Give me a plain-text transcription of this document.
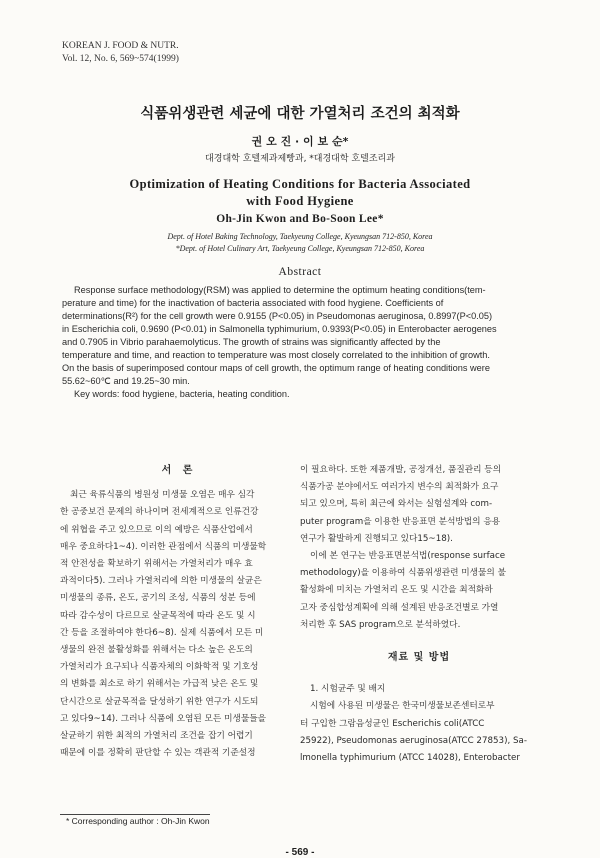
KOREAN J. FOOD & NUTR.
Vol. 12, No. 6, 569~574(1999)
식품위생관련 세균에 대한 가열처리 조건의 최적화
권 오 진 · 이 보 순*
대경대학 호텔제과제빵과, *대경대학 호텔조리과
Optimization of Heating Conditions for Bacteria Associated
with Food Hygiene
Oh-Jin Kwon and Bo-Soon Lee*
Dept. of Hotel Baking Technology, Taekyeung College, Kyeungsan 712-850, Korea
*Dept. of Hotel Culinary Art, Taekyeung College, Kyeungsan 712-850, Korea
Abstract
Response surface methodology(RSM) was applied to determine the optimum heating conditions(tem-
perature and time) for the inactivation of bacteria associated with food hygiene. Coefficients of
determinations(R²) for the cell growth were 0.9155 (P<0.05) in Pseudomonas aeruginosa, 0.8997(P<0.05)
in Escherichia coli, 0.9690 (P<0.01) in Salmonella typhimurium, 0.9393(P<0.05) in Enterobacter aerogenes
and 0.7905 in Vibrio parahaemolyticus. The growth of strains was significantly affected by the
temperature and time, and reaction to temperature was most closely correlated to the inhibition of growth.
On the basis of superimposed contour maps of cell growth, the optimum range of heating conditions were
55.62~60℃ and 19.25~30 min.
Key words: food hygiene, bacteria, heating condition.
서 론
최근 육류식품의 병원성 미생물 오염은 매우 심각
한 공중보건 문제의 하나이며 전세계적으로 인류건강
에 위협을 주고 있으므로 이의 예방은 식품산업에서
매우 중요하다1~4). 이러한 관점에서 식품의 미생물학
적 안전성을 확보하기 위해서는 가열처리가 매우 효
과적이다5). 그러나 가열처리에 의한 미생물의 살균은
미생물의 종류, 온도, 공기의 조성, 식품의 성분 등에
따라 감수성이 다르므로 살균목적에 따라 온도 및 시
간 등을 조절하여야 한다6~8). 실제 식품에서 모든 미
생물의 완전 불활성화를 위해서는 다소 높은 온도의
가열처리가 요구되나 식품자체의 이화학적 및 기호성
의 변화를 최소로 하기 위해서는 가급적 낮은 온도 및
단시간으로 살균목적을 달성하기 위한 연구가 시도되
고 있다9~14). 그러나 식품에 오염된 모든 미생물들을
살균하기 위한 최적의 가열처리 조건을 잡기 어렵기
때문에 이를 정확히 판단할 수 있는 객관적 기준설정
이 필요하다. 또한 제품개발, 공정개선, 품질관리 등의
식품가공 분야에서도 여러가지 변수의 최적화가 요구
되고 있으며, 특히 최근에 와서는 실험설계와 com-
puter program을 이용한 반응표면 분석방법의 응용
연구가 활발하게 진행되고 있다15~18).
이에 본 연구는 반응표면분석법(response surface
methodology)을 이용하여 식품위생관련 미생물의 불
활성화에 미치는 가열처리 온도 및 시간을 최적화하
고자 중심합성계획에 의해 설계된 반응조건별로 가열
처리한 후 SAS program으로 분석하였다.
재료 및 방법
1. 시험균주 및 배지
시험에 사용된 미생물은 한국미생물보존센터로부
터 구입한 그람음성균인 Escherichis coli(ATCC
25922), Pseudomonas aeruginosa(ATCC 27853), Sa-
lmonella typhimurium (ATCC 14028), Enterobacter
* Corresponding author : Oh-Jin Kwon
- 569 -
